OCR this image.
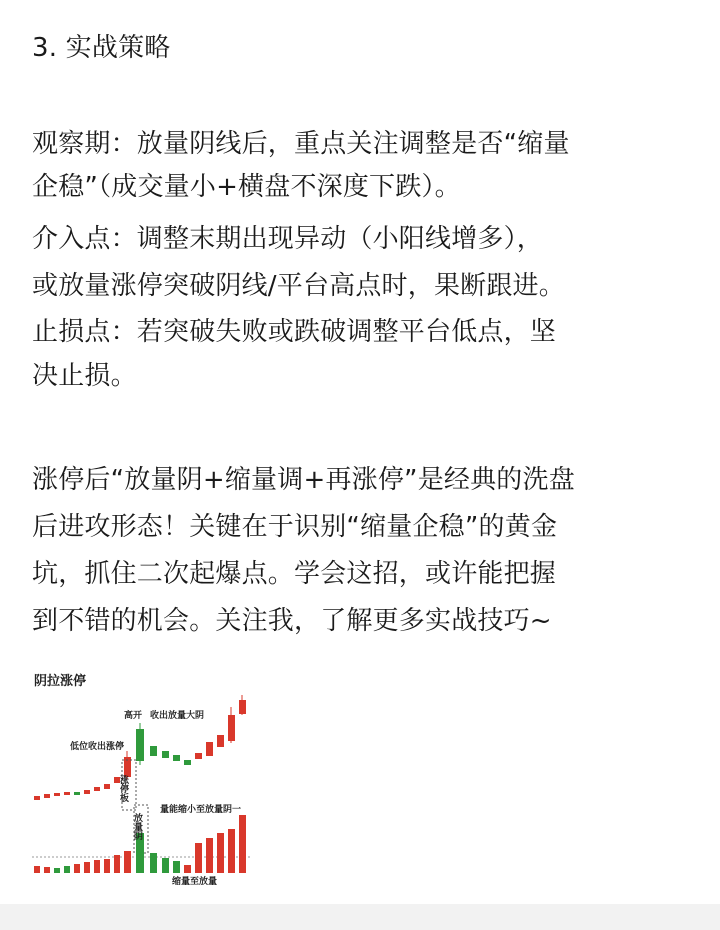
3. 实战策略
观察期：放量阴线后，重点关注调整是否“缩量
企稳”（成交量小+横盘不深度下跌）。
介入点：调整末期出现异动（小阳线增多），
或放量涨停突破阴线/平台高点时，果断跟进。
止损点：若突破失败或跌破调整平台低点，坚
决止损。
涨停后“放量阴+缩量调+再涨停”是经典的洗盘
后进攻形态！关键在于识别“缩量企稳”的黄金
坑，抓住二次起爆点。学会这招，或许能把握
到不错的机会。关注我，了解更多实战技巧~
阴拉涨停
高开 收出放量大阴
低位收出涨停
涨停板
放量阴
量能缩小至放量阴一
缩量至放量
